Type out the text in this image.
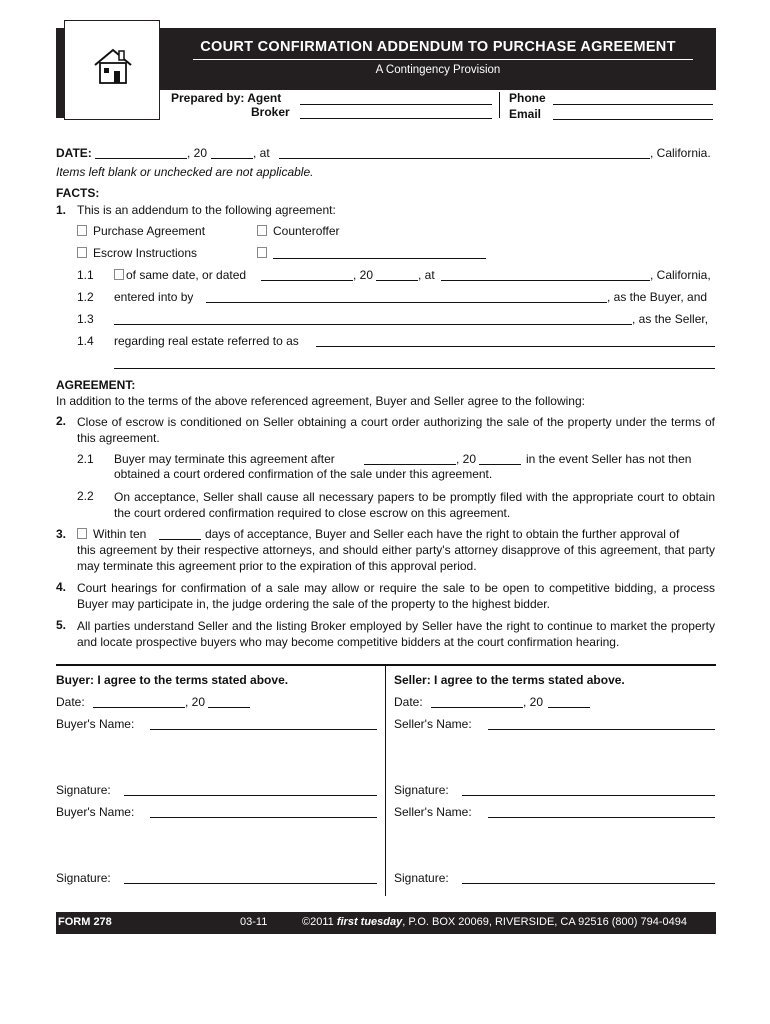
COURT CONFIRMATION ADDENDUM TO PURCHASE AGREEMENT
A Contingency Provision
Prepared by: Agent
Broker
Phone
Email
DATE:	, 20	, at	, California.
Items left blank or unchecked are not applicable.
FACTS:
1. This is an addendum to the following agreement:
Purchase Agreement	Counteroffer
Escrow Instructions
1.1	of same date, or dated	, 20	, at	, California,
1.2 entered into by	, as the Buyer, and
1.3	, as the Seller,
1.4 regarding real estate referred to as
AGREEMENT:
In addition to the terms of the above referenced agreement, Buyer and Seller agree to the following:
2. Close of escrow is conditioned on Seller obtaining a court order authorizing the sale of the property under the terms of this agreement.

2.1 Buyer may terminate this agreement after	, 20	in the event Seller has not then
obtained a court ordered confirmation of the sale under this agreement.
2.2 On acceptance, Seller shall cause all necessary papers to be promptly filed with the appropriate court to obtain the court ordered confirmation required to close escrow on this agreement.

3.	Within ten	days of acceptance, Buyer and Seller each have the right to obtain the further approval of

this agreement by their respective attorneys, and should either party's attorney disapprove of this agreement, that party may terminate this agreement prior to the expiration of this approval period.

4. Court hearings for confirmation of a sale may allow or require the sale to be open to competitive bidding, a process Buyer may participate in, the judge ordering the sale of the property to the highest bidder.

5. All parties understand Seller and the listing Broker employed by Seller have the right to continue to market the property and locate prospective buyers who may become competitive bidders at the court confirmation hearing.

Buyer: I agree to the terms stated above.
Date:	, 20
Buyer's Name:
Signature:
Buyer's Name:
Signature:
Seller: I agree to the terms stated above.
Date:	, 20
Seller's Name:
Signature:
Seller's Name:
Signature:
FORM 278	03-11	©2011 first tuesday, P.O. BOX 20069, RIVERSIDE, CA 92516 (800) 794-0494
